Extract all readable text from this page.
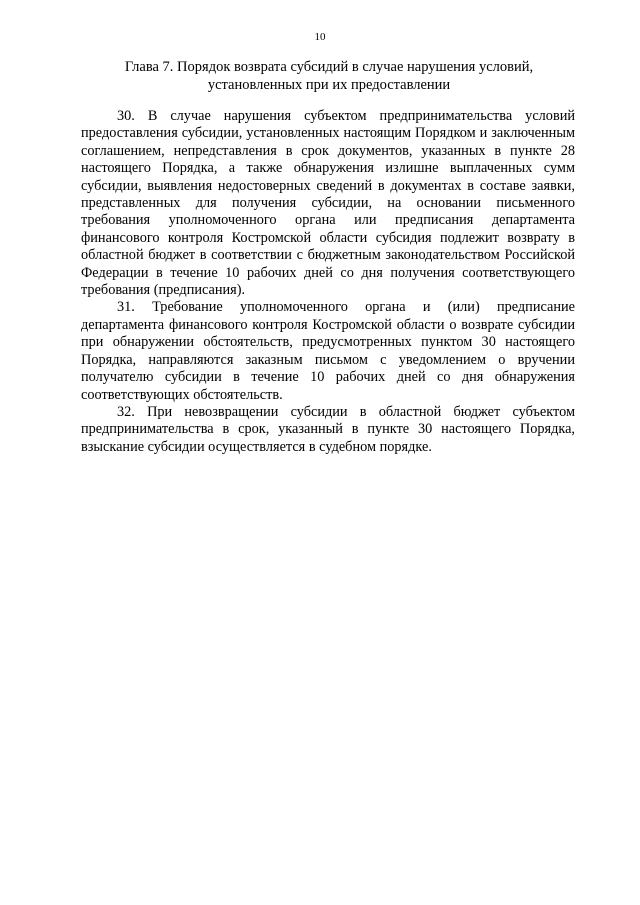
10
Глава 7. Порядок возврата субсидий в случае нарушения условий,
установленных при их предоставлении

30. В случае нарушения субъектом предпринимательства условий предоставления субсидии, установленных настоящим Порядком и заключенным соглашением, непредставления в срок документов, указанных в пункте 28 настоящего Порядка, а также обнаружения излишне выплаченных сумм субсидии, выявления недостоверных сведений в документах в составе заявки, представленных для получения субсидии, на основании письменного требования уполномоченного органа или предписания департамента финансового контроля Костромской области субсидия подлежит возврату в областной бюджет в соответствии с бюджетным законодательством Российской Федерации в течение 10 рабочих дней со дня получения соответствующего требования (предписания).

31. Требование уполномоченного органа и (или) предписание департамента финансового контроля Костромской области о возврате субсидии при обнаружении обстоятельств, предусмотренных пунктом 30 настоящего Порядка, направляются заказным письмом с уведомлением о вручении получателю субсидии в течение 10 рабочих дней со дня обнаружения соответствующих обстоятельств.

32. При невозвращении субсидии в областной бюджет субъектом предпринимательства в срок, указанный в пункте 30 настоящего Порядка, взыскание субсидии осуществляется в судебном порядке.
